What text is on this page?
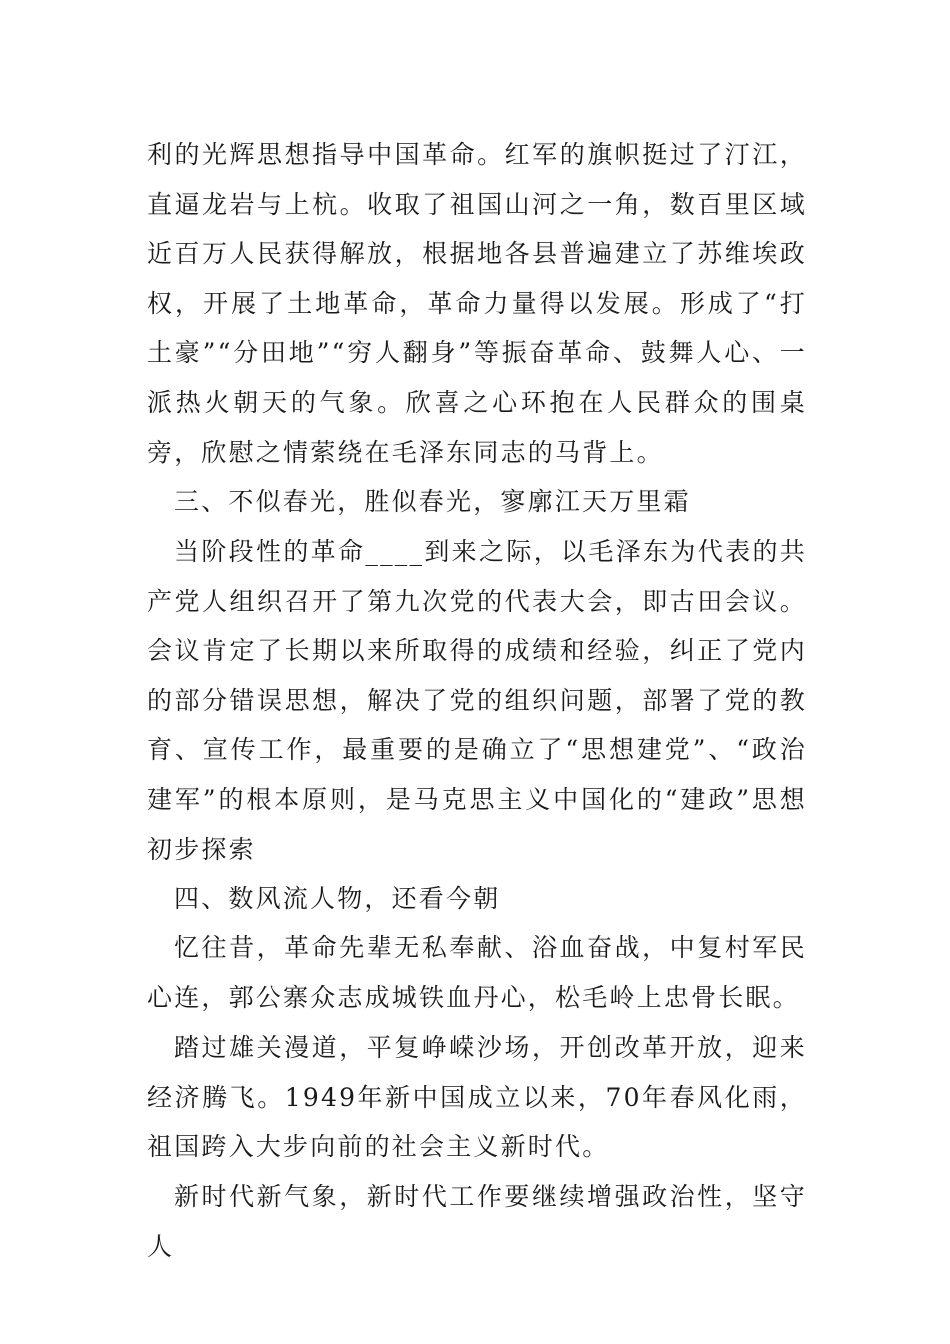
利的光辉思想指导中国革命。红军的旗帜挺过了汀江，直逼龙岩与上杭。收取了祖国山河之一角，数百里区域近百万人民获得解放，根据地各县普遍建立了苏维埃政权，开展了土地革命，革命力量得以发展。形成了“打土豪”“分田地”“穷人翻身”等振奋革命、鼓舞人心、一派热火朝天的气象。欣喜之心环抱在人民群众的围桌旁，欣慰之情萦绕在毛泽东同志的马背上。

三、不似春光，胜似春光，寥廓江天万里霜

当阶段性的革命____到来之际，以毛泽东为代表的共产党人组织召开了第九次党的代表大会，即古田会议。会议肯定了长期以来所取得的成绩和经验，纠正了党内的部分错误思想，解决了党的组织问题，部署了党的教育、宣传工作，最重要的是确立了“思想建党”、“政治建军”的根本原则，是马克思主义中国化的“建政”思想初步探索

四、数风流人物，还看今朝

忆往昔，革命先辈无私奉献、浴血奋战，中复村军民心连，郭公寨众志成城铁血丹心，松毛岭上忠骨长眠。

踏过雄关漫道，平复峥嵘沙场，开创改革开放，迎来经济腾飞。1949年新中国成立以来，70年春风化雨，祖国跨入大步向前的社会主义新时代。

新时代新气象，新时代工作要继续增强政治性，坚守人
